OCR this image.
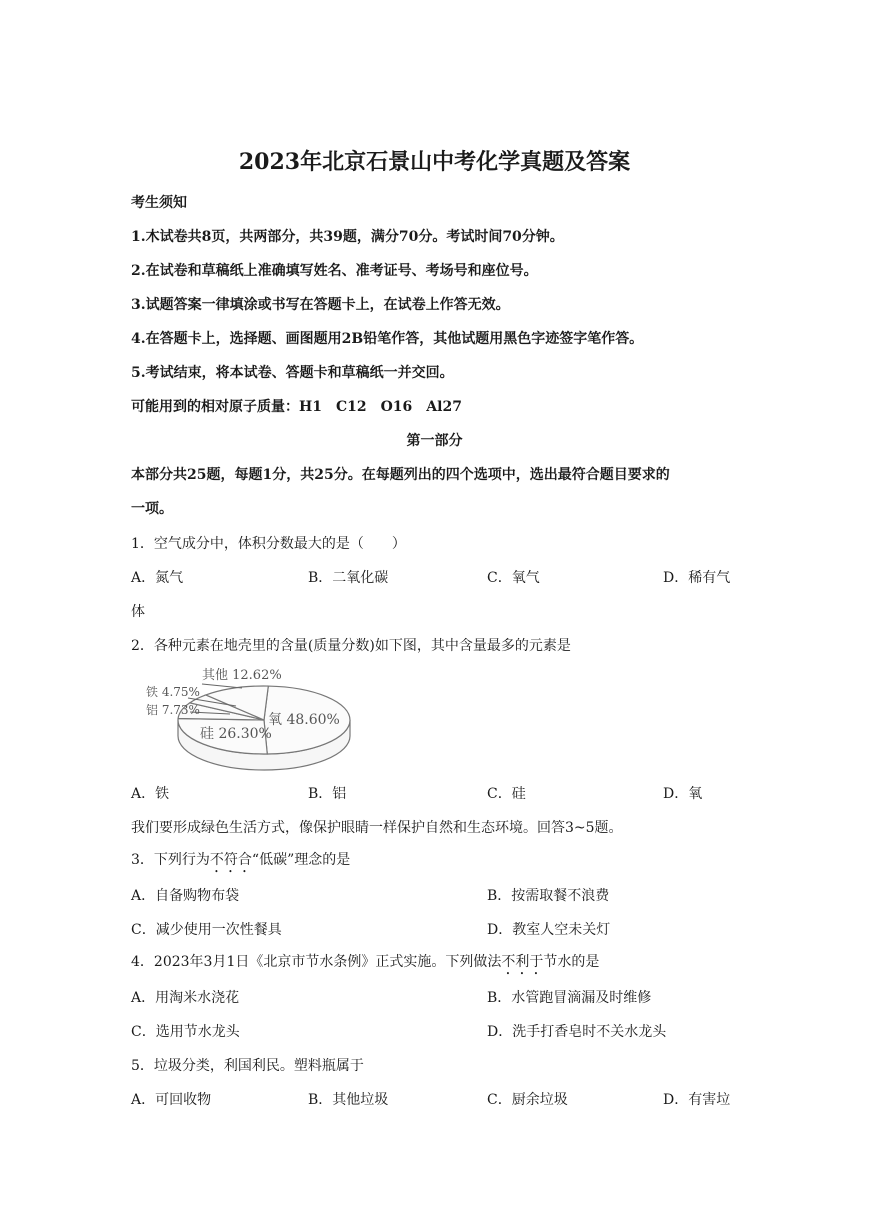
2023年北京石景山中考化学真题及答案
考生须知
1.木试卷共8页，共两部分，共39题，满分70分。考试时间70分钟。
2.在试卷和草稿纸上准确填写姓名、准考证号、考场号和座位号。
3.试题答案一律填涂或书写在答题卡上，在试卷上作答无效。
4.在答题卡上，选择题、画图题用2B铅笔作答，其他试题用黑色字迹签字笔作答。
5.考试结束，将本试卷、答题卡和草稿纸一并交回。
可能用到的相对原子质量：H1　C12　O16　Al27
第一部分
本部分共25题，每题1分，共25分。在每题列出的四个选项中，选出最符合题目要求的
一项。
1．空气成分中，体积分数最大的是（　　）
A．氮气	B．二氧化碳	C．氧气	D．稀有气
体
2．各种元素在地壳里的含量(质量分数)如下图，其中含量最多的元素是
其他 12.62%
铁 4.75%
铝 7.73%
氧 48.60%
硅 26.30%
A．铁	B．铝	C．硅	D．氧
我们要形成绿色生活方式，像保护眼睛一样保护自然和生态环境。回答3~5题。
3．下列行为不符合“低碳”理念的是
A．自备购物布袋	B．按需取餐不浪费
C．减少使用一次性餐具	D．教室人空未关灯
4．2023年3月1日《北京市节水条例》正式实施。下列做法不利于节水的是
A．用淘米水浇花	B．水管跑冒滴漏及时维修
C．选用节水龙头	D．洗手打香皂时不关水龙头
5．垃圾分类，利国利民。塑料瓶属于
A．可回收物	B．其他垃圾	C．厨余垃圾	D．有害垃
